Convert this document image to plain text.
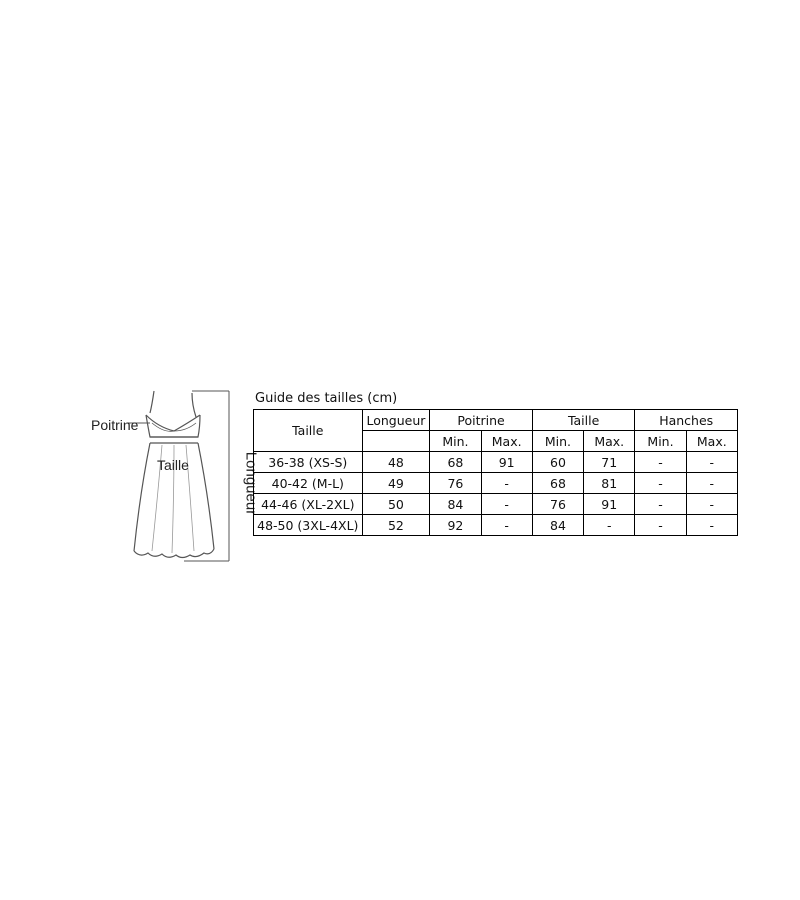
Poitrine
Taille	Longueur
Guide des tailles (cm)
Taille	Longueur	Poitrine		Taille		Hanches	
		Min.	Max.	Min.	Max.	Min.	Max.
36-38 (XS-S)	48	68	91	60	71	-	-
40-42 (M-L)	49	76	-	68	81	-	-
44-46 (XL-2XL)	50	84	-	76	91	-	-
48-50 (3XL-4XL)	52	92	-	84	-	-	-
